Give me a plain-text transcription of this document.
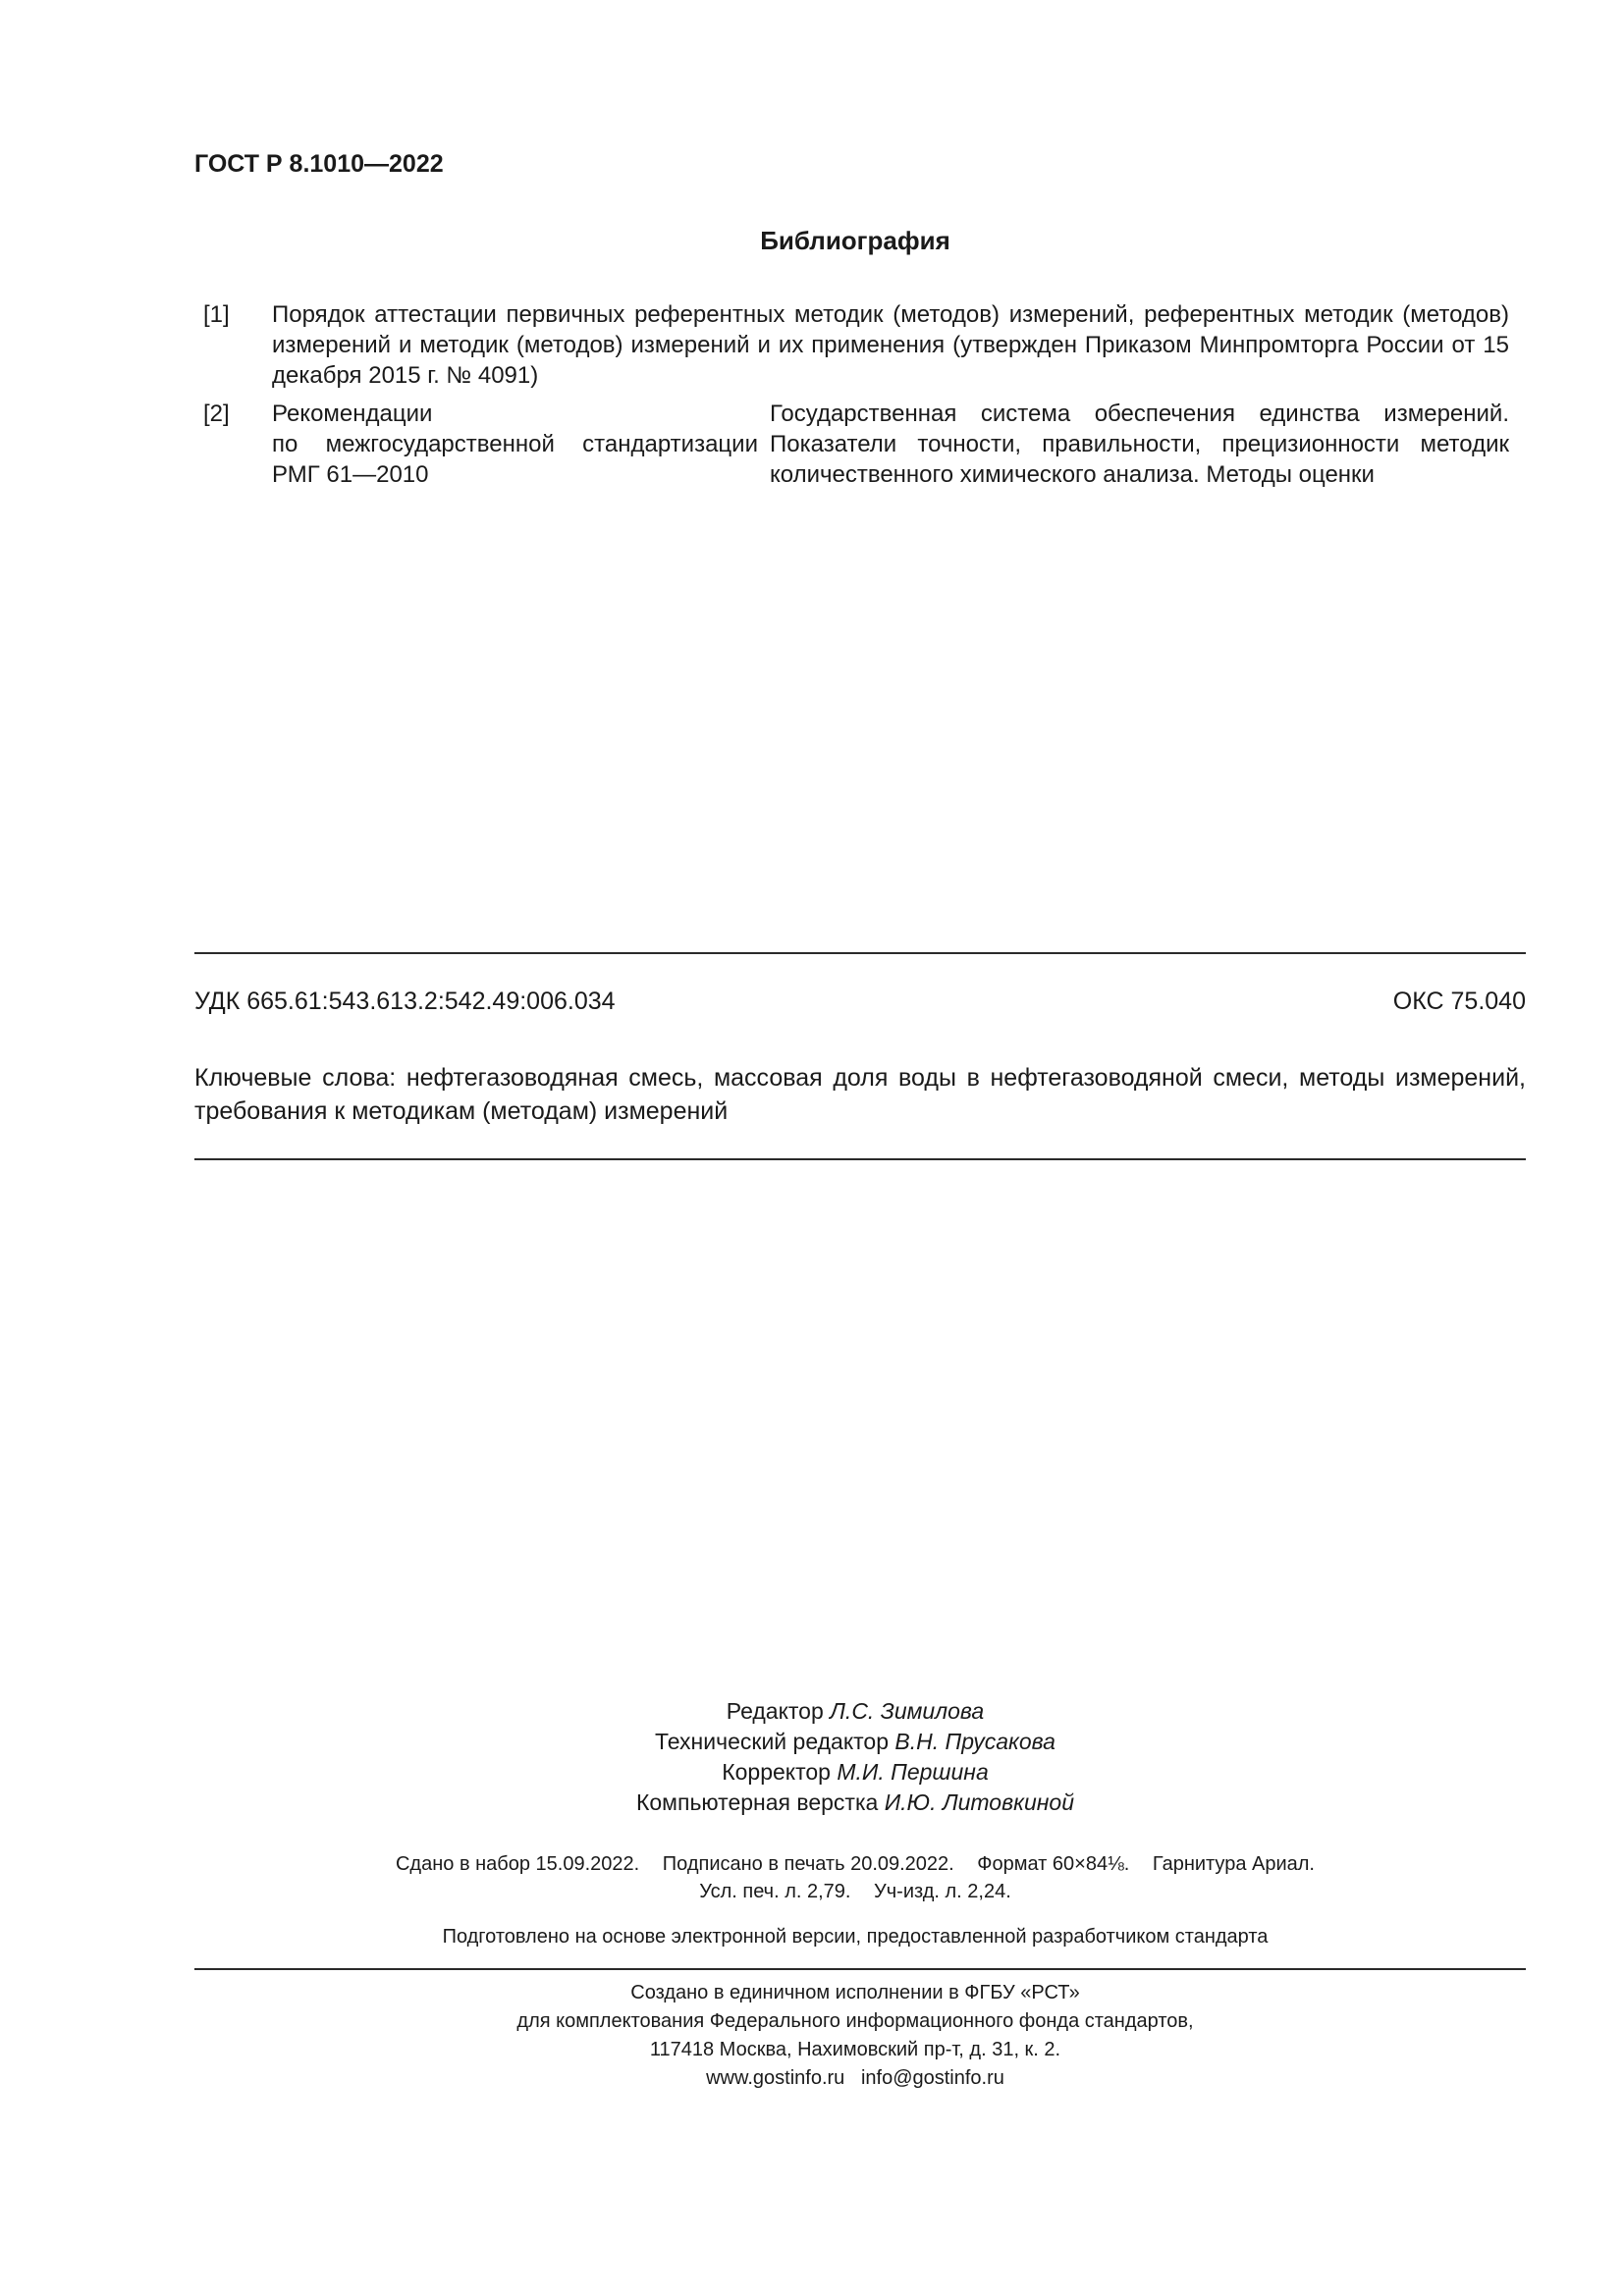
ГОСТ Р 8.1010—2022
Библиография
[1] Порядок аттестации первичных референтных методик (методов) измерений, референтных методик (методов) измерений и методик (методов) измерений и их применения (утвержден Приказом Минпромторга России от 15 декабря 2015 г. № 4091)
[2] Рекомендации
по межгосударственной стандартизации
РМГ 61—2010
Государственная система обеспечения единства измерений. Показатели точности, правильности, прецизионности методик количественного химического анализа. Методы оценки
УДК 665.61:543.613.2:542.49:006.034	ОКС 75.040
Ключевые слова: нефтегазоводяная смесь, массовая доля воды в нефтегазоводяной смеси, методы измерений, требования к методикам (методам) измерений
Редактор Л.С. Зимилова
Технический редактор В.Н. Прусакова
Корректор М.И. Першина
Компьютерная верстка И.Ю. Литовкиной
Сдано в набор 15.09.2022. Подписано в печать 20.09.2022. Формат 60×84⅛. Гарнитура Ариал.
Усл. печ. л. 2,79. Уч-изд. л. 2,24.
Подготовлено на основе электронной версии, предоставленной разработчиком стандарта
Создано в единичном исполнении в ФГБУ «РСТ»
для комплектования Федерального информационного фонда стандартов,
117418 Москва, Нахимовский пр-т, д. 31, к. 2.
www.gostinfo.ru info@gostinfo.ru
